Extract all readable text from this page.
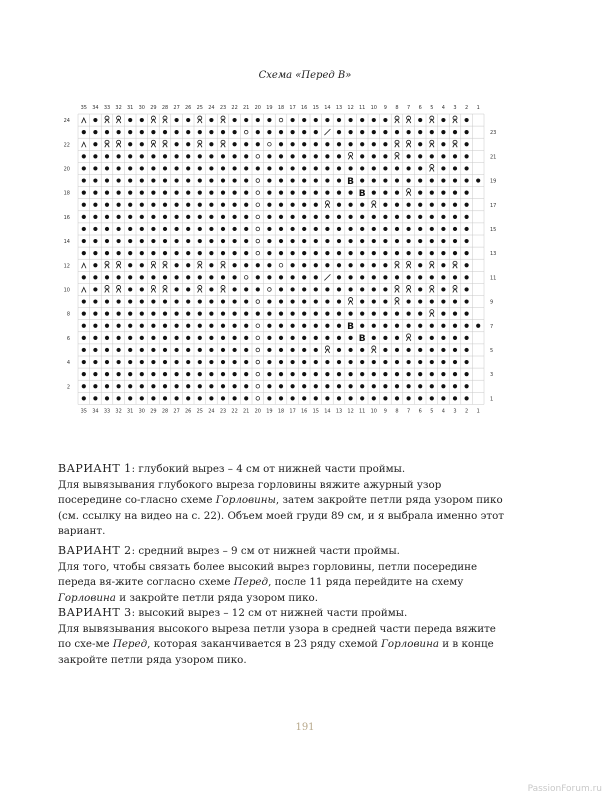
Схема «Перед В»
35
35
34
34
33
33
32
32
31
31
30
30
29
29
28
28
27
27
26
26
25
25
24
24
23
23
22
22
21
21
20
20
19
19
18
18
17
17
16
16
15
15
14
14
13
13
12
12
11
11
10
10
9
9
8
8
7
7
6
6
5
5
4
4
3
3
2
2
1
1
24
22
20
18
16
14
12
10
8
6
4
2
23
21
19
17
15
13
11
9
7
5
3
1
B
B
B
B

ВАРИАНТ 1: глубокий вырез – 4 см от нижней части проймы.

Для вывязывания глубокого выреза горловины вяжите ажурный узор посередине со-гласно схеме Горловины, затем закройте петли ряда узором пико (см. ссылку на видео на с. 22). Объем моей груди 89 см, и я выбрала именно этот вариант.

ВАРИАНТ 2: средний вырез – 9 см от нижней части проймы.

Для того, чтобы связать более высокий вырез горловины, петли посередине переда вя-жите согласно схеме Перед, после 11 ряда перейдите на схему Горловина и закройте петли ряда узором пико.

ВАРИАНТ 3: высокий вырез – 12 см от нижней части проймы.

Для вывязывания высокого выреза петли узора в средней части переда вяжите по схе-ме Перед, которая заканчивается в 23 ряду схемой Горловина и в конце закройте петли ряда узором пико.

191
PassionForum.ru
